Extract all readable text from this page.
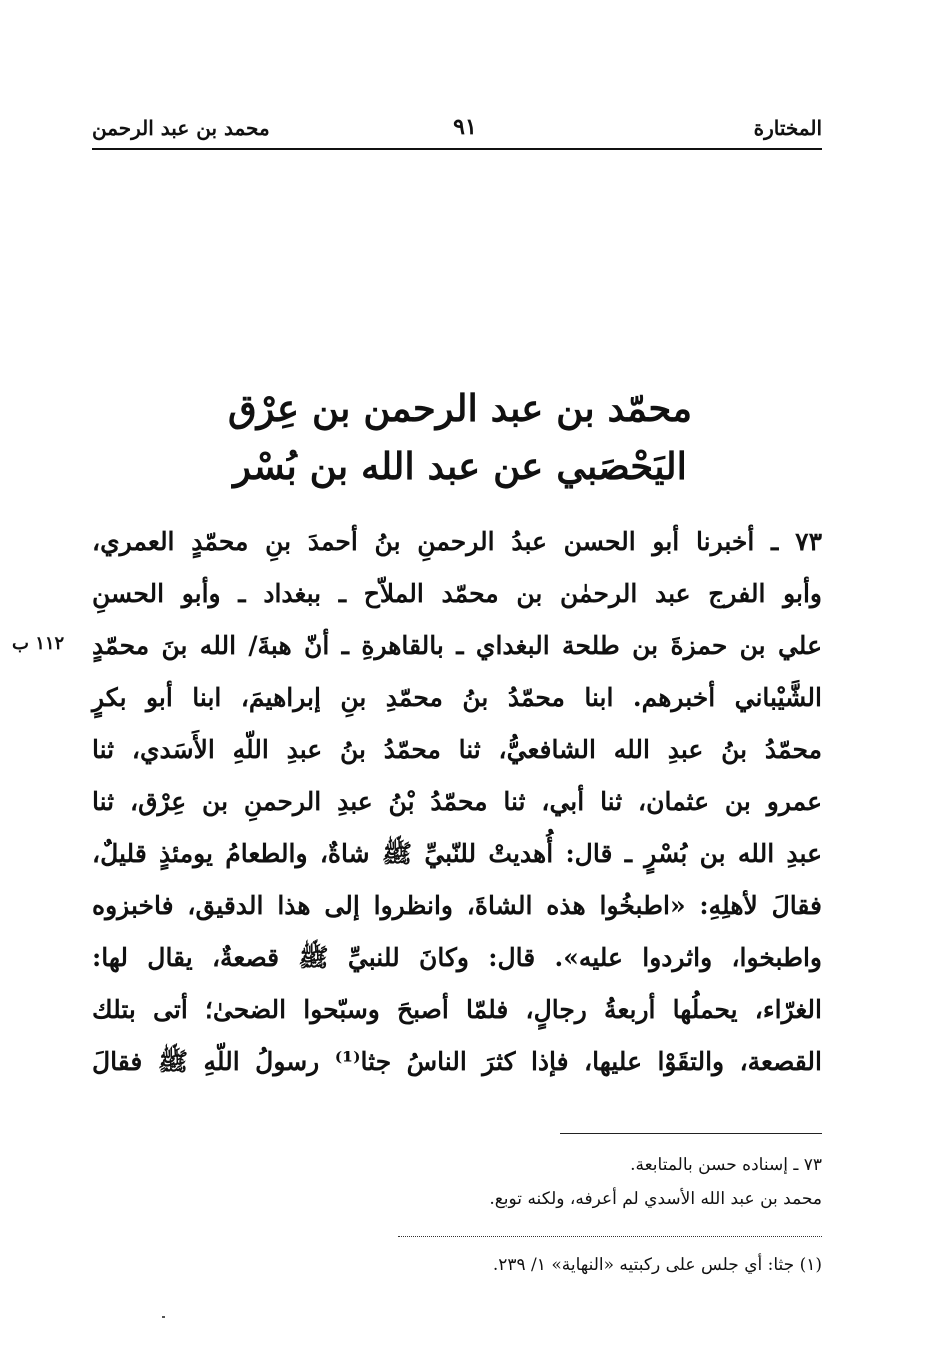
المختارة
٩١
محمد بن عبد الرحمن
محمّد بن عبد الرحمن بن عِرْق
اليَحْصَبي عن عبد الله بن بُسْر
١١٢ ب
٧٣ ـ أخبرنا أبو الحسن عبدُ الرحمنِ بنُ أحمدَ بنِ محمّدٍ العمري،
وأبو الفرج عبد الرحمٰن بن محمّد الملاّح ـ ببغداد ـ وأبو الحسنِ
علي بن حمزةَ بن طلحة البغداي ـ بالقاهرةِ ـ أنّ هبةَ/ الله بنَ محمّدٍ
الشَّيْباني أخبرهم. ابنا محمّدُ بنُ محمّدِ بنِ إبراهيمَ، ابنا أبو بكرٍ
محمّدُ بنُ عبدِ الله الشافعيُّ، ثنا محمّدُ بنُ عبدِ اللّهِ الأَسَدي، ثنا
عمرو بن عثمان، ثنا أبي، ثنا محمّدُ بْنُ عبدِ الرحمنِ بن عِرْق، ثنا
عبدِ الله بن بُسْرٍ ـ قال: أُهديتْ للنّبيِّ ﷺ شاةٌ، والطعامُ يومئذٍ قليلٌ،
فقالَ لأهلِهِ: «اطبخُوا هذه الشاةَ، وانظروا إلى هذا الدقيق، فاخبزوه
واطبخوا، واثردوا عليه». قال: وكانَ للنبيِّ ﷺ قصعةٌ، يقال لها:
الغرّاء، يحملُها أربعةُ رجالٍ، فلمّا أصبحَ وسبّحوا الضحىٰ؛ أتى بتلك
القصعة، والتقَوْا عليها، فإذا كثرَ الناسُ جثا⁽¹⁾ رسولُ اللّهِ ﷺ فقالَ
٧٣ ـ إسناده حسن بالمتابعة.
محمد بن عبد الله الأسدي لم أعرفه، ولكنه توبع.
(١) جثا: أي جلس على ركبتيه «النهاية» ١/ ٢٣٩.
